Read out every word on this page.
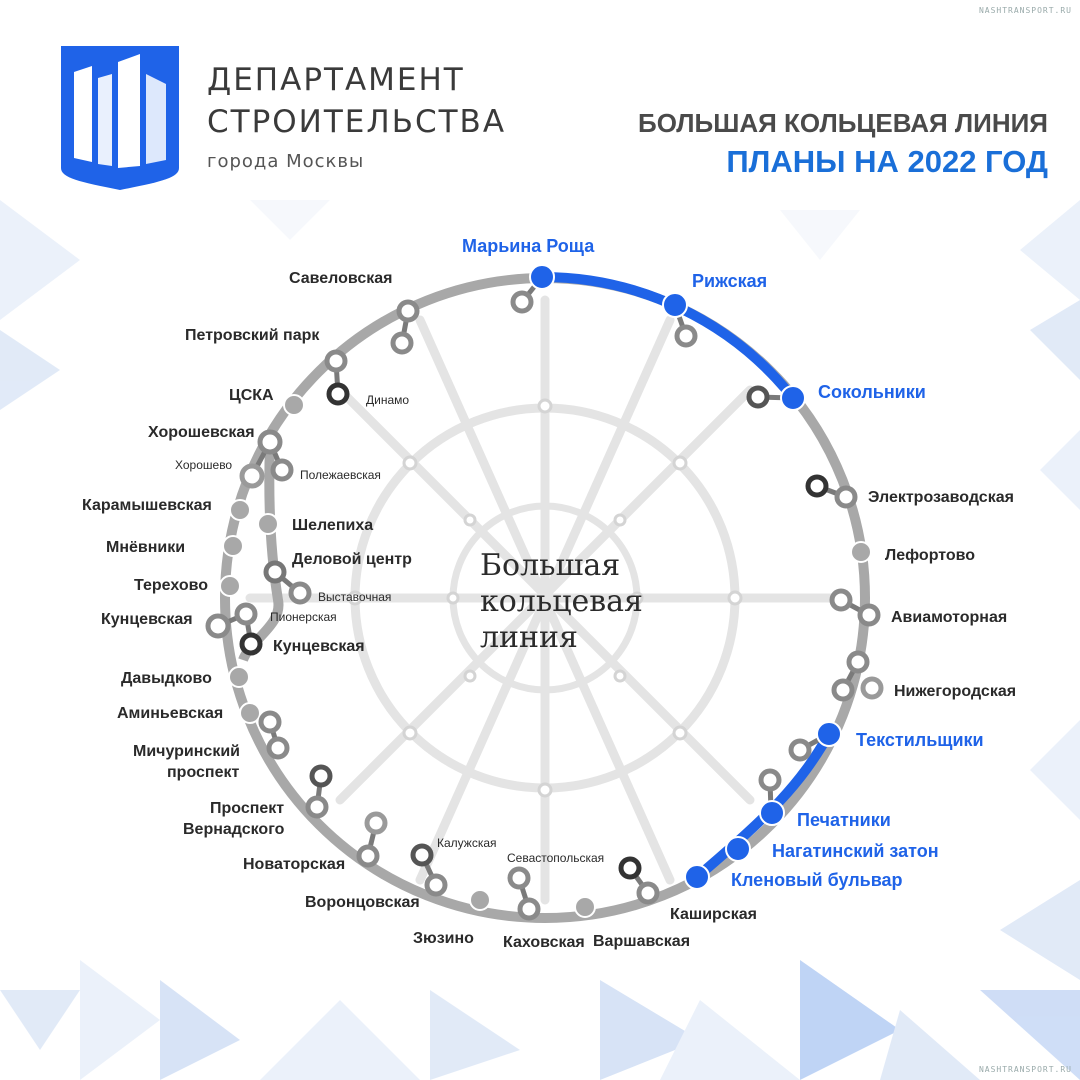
Марьина Роща
Рижская
Сокольники
Текстильщики
Печатники
Нагатинский затон
Кленовый бульвар
Савеловская
Петровский парк
Динамо
ЦСКА
Хорошевская
Хорошево
Полежаевская
Карамышевская
Мнёвники
Терехово
Кунцевская
Кунцевская
Пионерская
Шелепиха
Деловой центр
Выставочная
Давыдково
Аминьевская
Мичуринский
проспект
Проспект
Вернадского
Новаторская
Воронцовская
Калужская
Зюзино Каховская
Севастопольская
Варшавская
Каширская
Нижегородская
Авиамоторная
Лефортово
Электрозаводская
ДЕПАРТАМЕНТ
СТРОИТЕЛЬСТВА
города Москвы
БОЛЬШАЯ КОЛЬЦЕВАЯ ЛИНИЯ
ПЛАНЫ НА 2022 ГОД
NASHTRANSPORT.RU
NASHTRANSPORT.RU
Большая
кольцевая
линия
